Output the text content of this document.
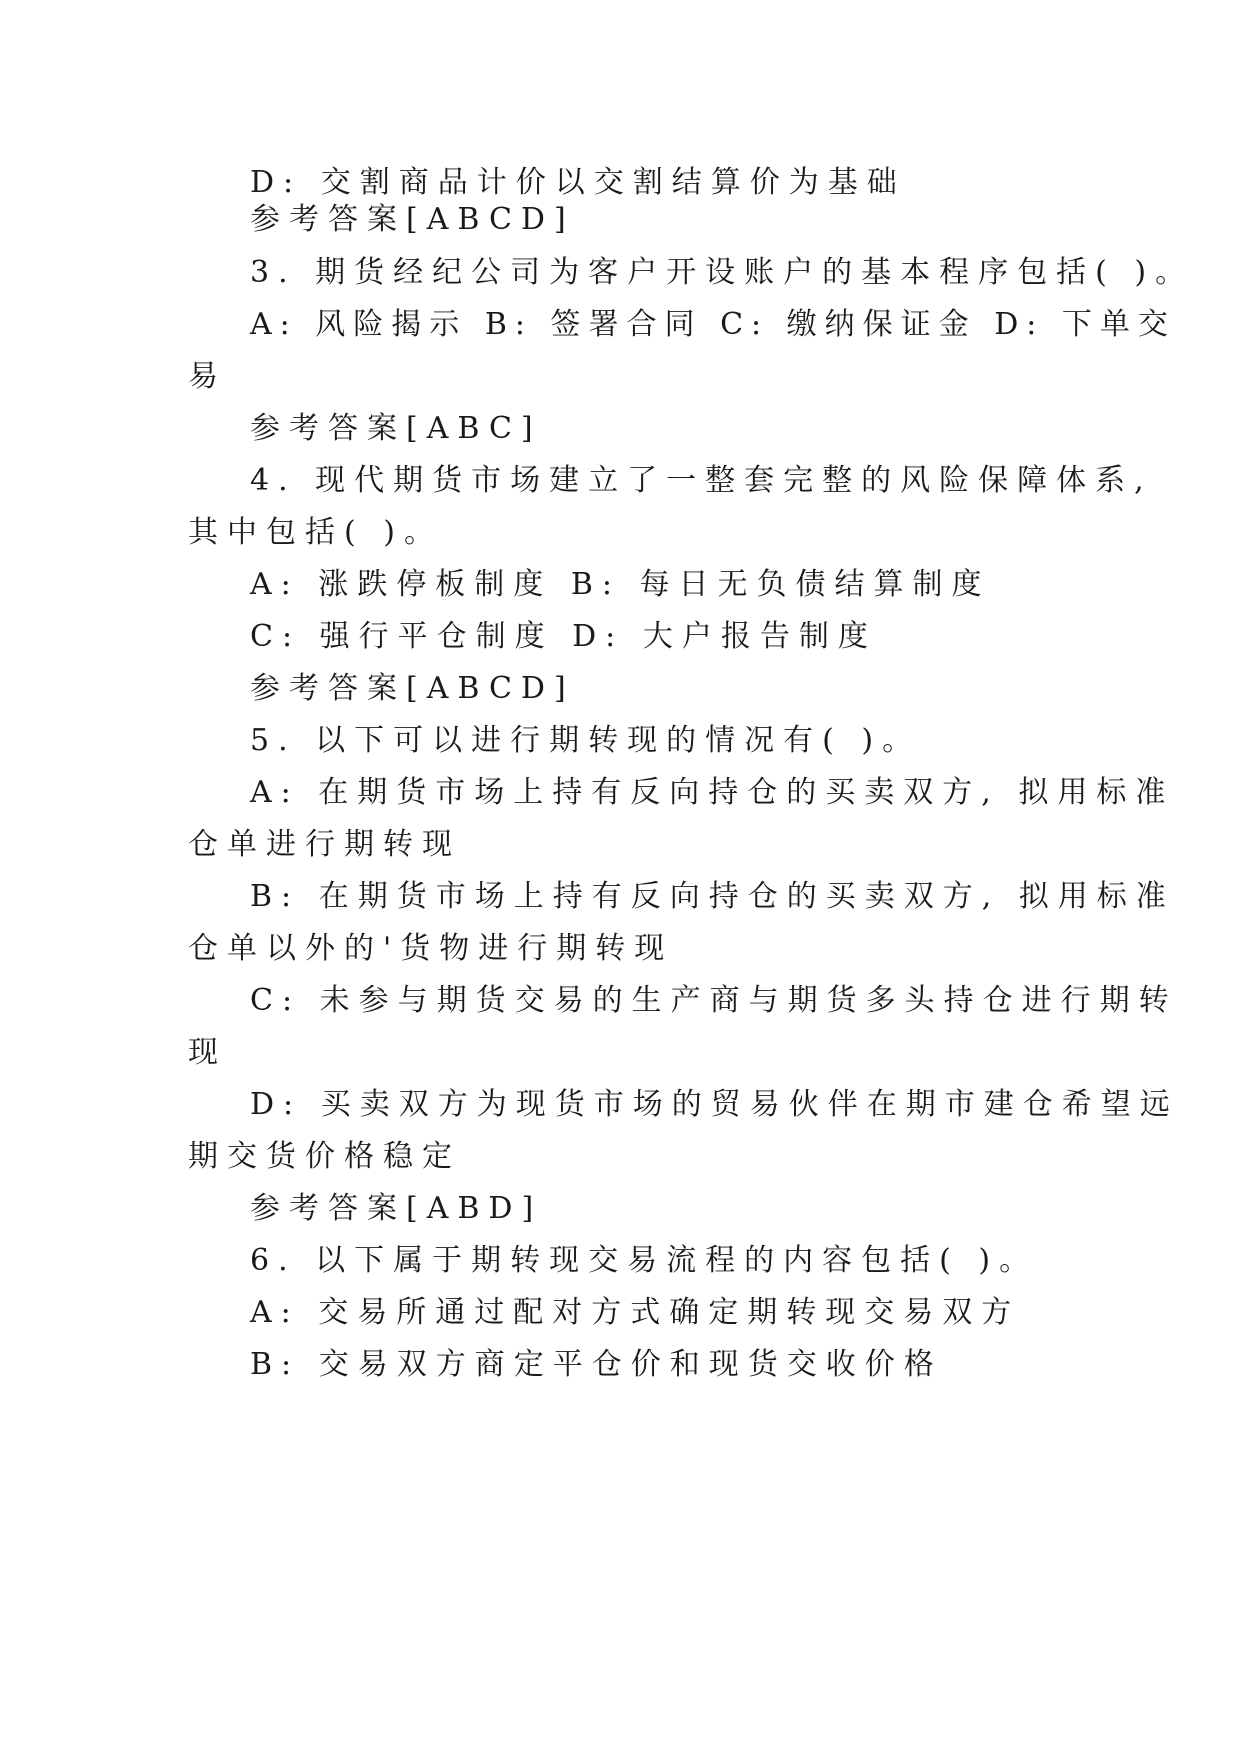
D: 交割商品计价以交割结算价为基础

参考答案[ABCD]

3. 期货经纪公司为客户开设账户的基本程序包括( )。

A: 风险揭示 B: 签署合同 C: 缴纳保证金 D: 下单交

易

参考答案[ABC]

4. 现代期货市场建立了一整套完整的风险保障体系,

其中包括( )。

A: 涨跌停板制度 B: 每日无负债结算制度

C: 强行平仓制度 D: 大户报告制度

参考答案[ABCD]

5. 以下可以进行期转现的情况有( )。

A: 在期货市场上持有反向持仓的买卖双方, 拟用标准

仓单进行期转现

B: 在期货市场上持有反向持仓的买卖双方, 拟用标准

仓单以外的'货物进行期转现

C: 未参与期货交易的生产商与期货多头持仓进行期转

现

D: 买卖双方为现货市场的贸易伙伴在期市建仓希望远

期交货价格稳定

参考答案[ABD]

6. 以下属于期转现交易流程的内容包括( )。

A: 交易所通过配对方式确定期转现交易双方

B: 交易双方商定平仓价和现货交收价格
